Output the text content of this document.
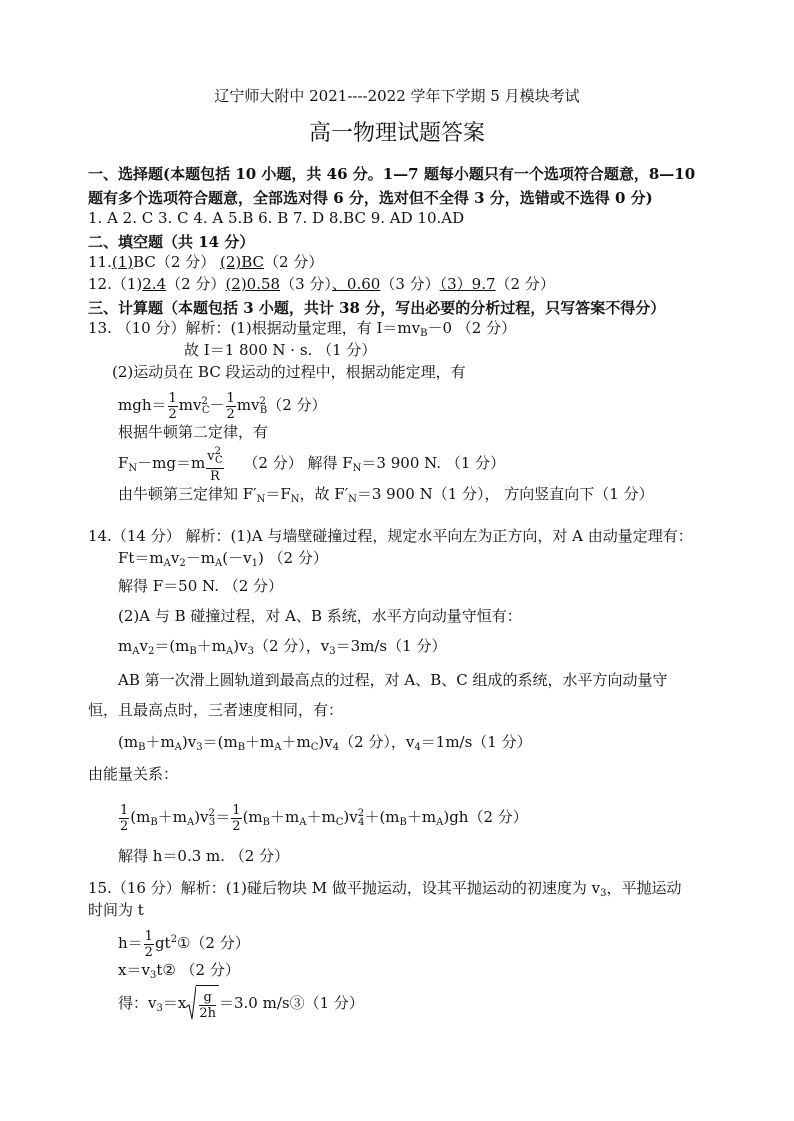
辽宁师大附中 2021----2022 学年下学期 5 月模块考试
高一物理试题答案
一、选择题(本题包括 10 小题，共 46 分。1—7 题每小题只有一个选项符合题意，8—10
题有多个选项符合题意，全部选对得 6 分，选对但不全得 3 分，选错或不选得 0 分)
1. A 2. C 3. C 4. A 5.B 6. B 7. D 8.BC 9. AD 10.AD
二、填空题（共 14 分）
11.(1)BC（2 分） (2)BC（2 分）
12.（1)2.4（2 分）(2)0.58（3 分）、0.60（3 分）（3）9.7（2 分）
三、计算题（本题包括 3 小题，共计 38 分，写出必要的分析过程，只写答案不得分）
13. （10 分）解析：(1)根据动量定理，有 $I=mv_B-0$ （2 分）
故 I＝1 800 N · s. （1 分）
(2)运动员在 BC 段运动的过程中，根据动能定理，有
$mgh= \frac{1}{2} mv^2_C- \frac{1}{2} mv^2_B(2$ 分）
根据牛顿第二定律，有
$F_N-mg=m \frac{v^2_C}{R} (2$ 分） 解得 $F_N=3$ 900 N. （1 分）
由牛顿第三定律知 $F'_N=F_N$，故 $F'_N=3$ 900 N（1 分）， 方向竖直向下（1 分）
14.（14 分） 解析：(1)A 与墙壁碰撞过程，规定水平向左为正方向，对 A 由动量定理有：
$Ft=m_Av_2-m_A(-v_1)$ （2 分）
解得 F＝50 N. （2 分）
(2)A 与 B 碰撞过程，对 A、B 系统，水平方向动量守恒有：
$m_Av_2=(m_B+m_A)v_3(2$ 分），$v_3=3m/s(1$ 分）
AB 第一次滑上圆轨道到最高点的过程，对 A、B、C 组成的系统，水平方向动量守
恒，且最高点时，三者速度相同，有：
$(m_B+m_A)v_3=(m_B+m_A+m_C)v_4(2$ 分），$v_4=1m/s(1$ 分）
由能量关系：
$\frac{1}{2} (m_B+m_A)v^2_3= \frac{1}{2} (m_B+m_A+m_C)v^2_4+(m_B+m_A)gh(2$ 分）
解得 h＝0.3 m. （2 分）
15.（16 分）解析：(1)碰后物块 M 做平抛运动，设其平抛运动的初速度为 $v_3$，平抛运动
时间为 t
$h= \frac{1}{2}$ $gt^2①(2$ 分）
$x=v_3t②$ （2 分）
得：$v_3=x \frac{g}{2h} =3.0$ m/s③（1 分）
